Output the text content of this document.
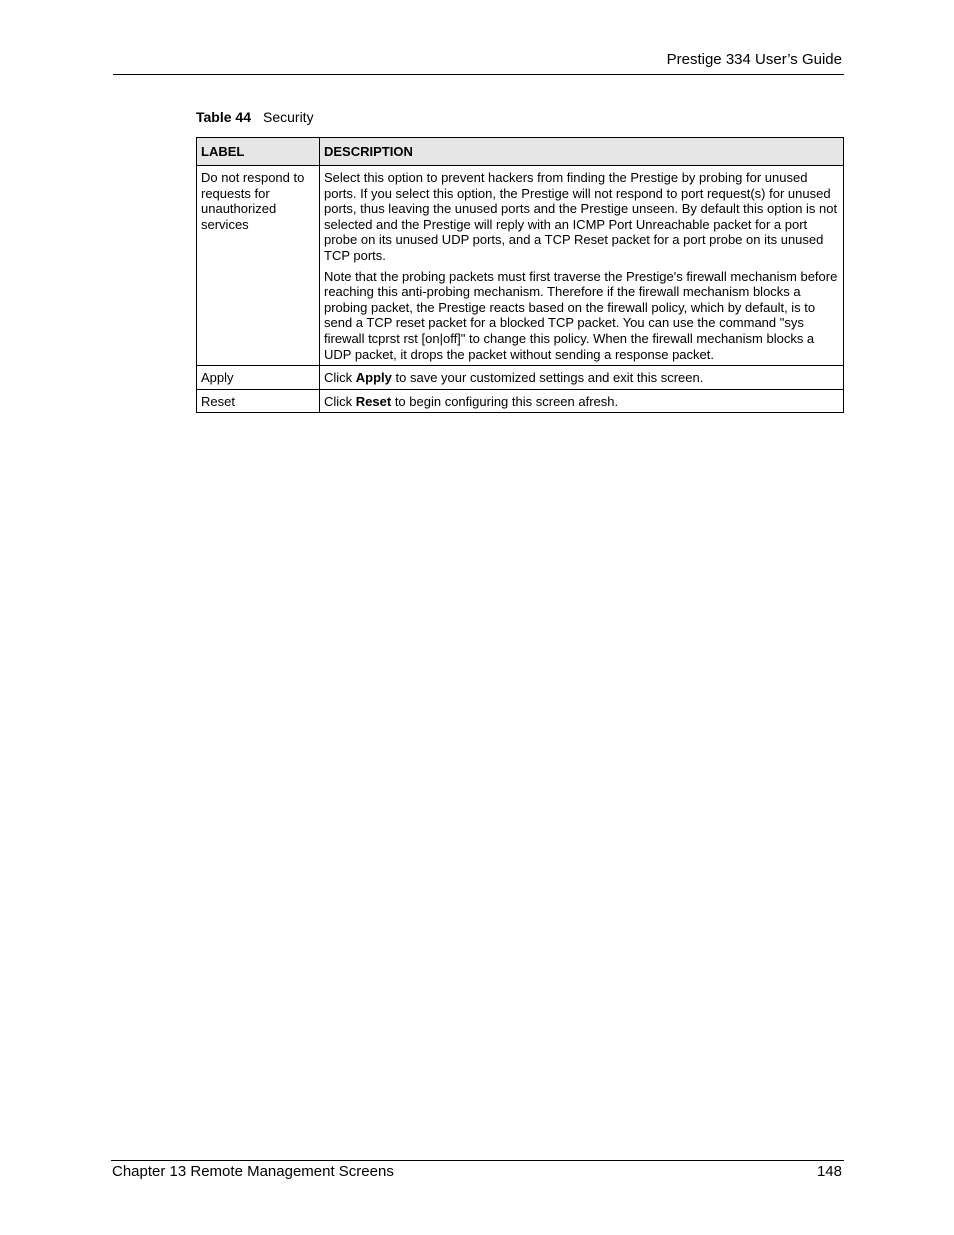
Prestige 334 User’s Guide
Table 44 Security
LABEL	DESCRIPTION
Do not respond to requests for unauthorized services	Select this option to prevent hackers from finding the Prestige by probing for unused ports. If you select this option, the Prestige will not respond to port request(s) for unused ports, thus leaving the unused ports and the Prestige unseen. By default this option is not selected and the Prestige will reply with an ICMP Port Unreachable packet for a port probe on its unused UDP ports, and a TCP Reset packet for a port probe on its unused TCP ports.

Note that the probing packets must first traverse the Prestige's firewall mechanism before reaching this anti-probing mechanism. Therefore if the firewall mechanism blocks a probing packet, the Prestige reacts based on the firewall policy, which by default, is to send a TCP reset packet for a blocked TCP packet. You can use the command "sys firewall tcprst rst [on|off]" to change this policy. When the firewall mechanism blocks a UDP packet, it drops the packet without sending a response packet.

Apply	Click Apply to save your customized settings and exit this screen.
Reset	Click Reset to begin configuring this screen afresh.
Chapter 13 Remote Management Screens	148
